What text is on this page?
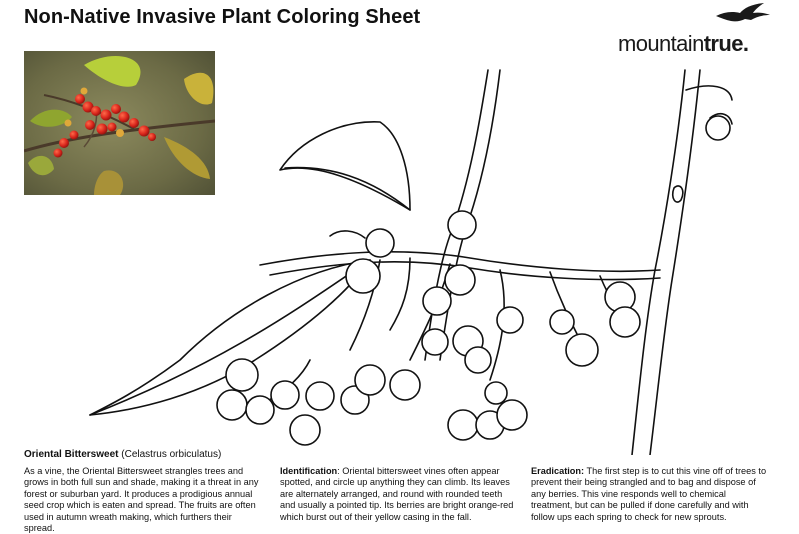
Non-Native Invasive Plant Coloring Sheet
mountaintrue.
Oriental Bittersweet (Celastrus orbiculatus)
As a vine, the Oriental Bittersweet strangles trees and grows in both full sun and shade, making it a threat in any forest or suburban yard. It produces a prodigious annual seed crop which is eaten and spread. The fruits are often used in autumn wreath making, which furthers their spread.
Identification: Oriental bittersweet vines often appear spotted, and circle up anything they can climb. Its leaves are alternately arranged, and round with rounded teeth and usually a pointed tip. Its berries are bright orange-red which burst out of their yellow casing in the fall.
Eradication: The first step is to cut this vine off of trees to prevent their being strangled and to bag and dispose of any berries. This vine responds well to chemical treatment, but can be pulled if done carefully and with follow ups each spring to check for new sprouts.
